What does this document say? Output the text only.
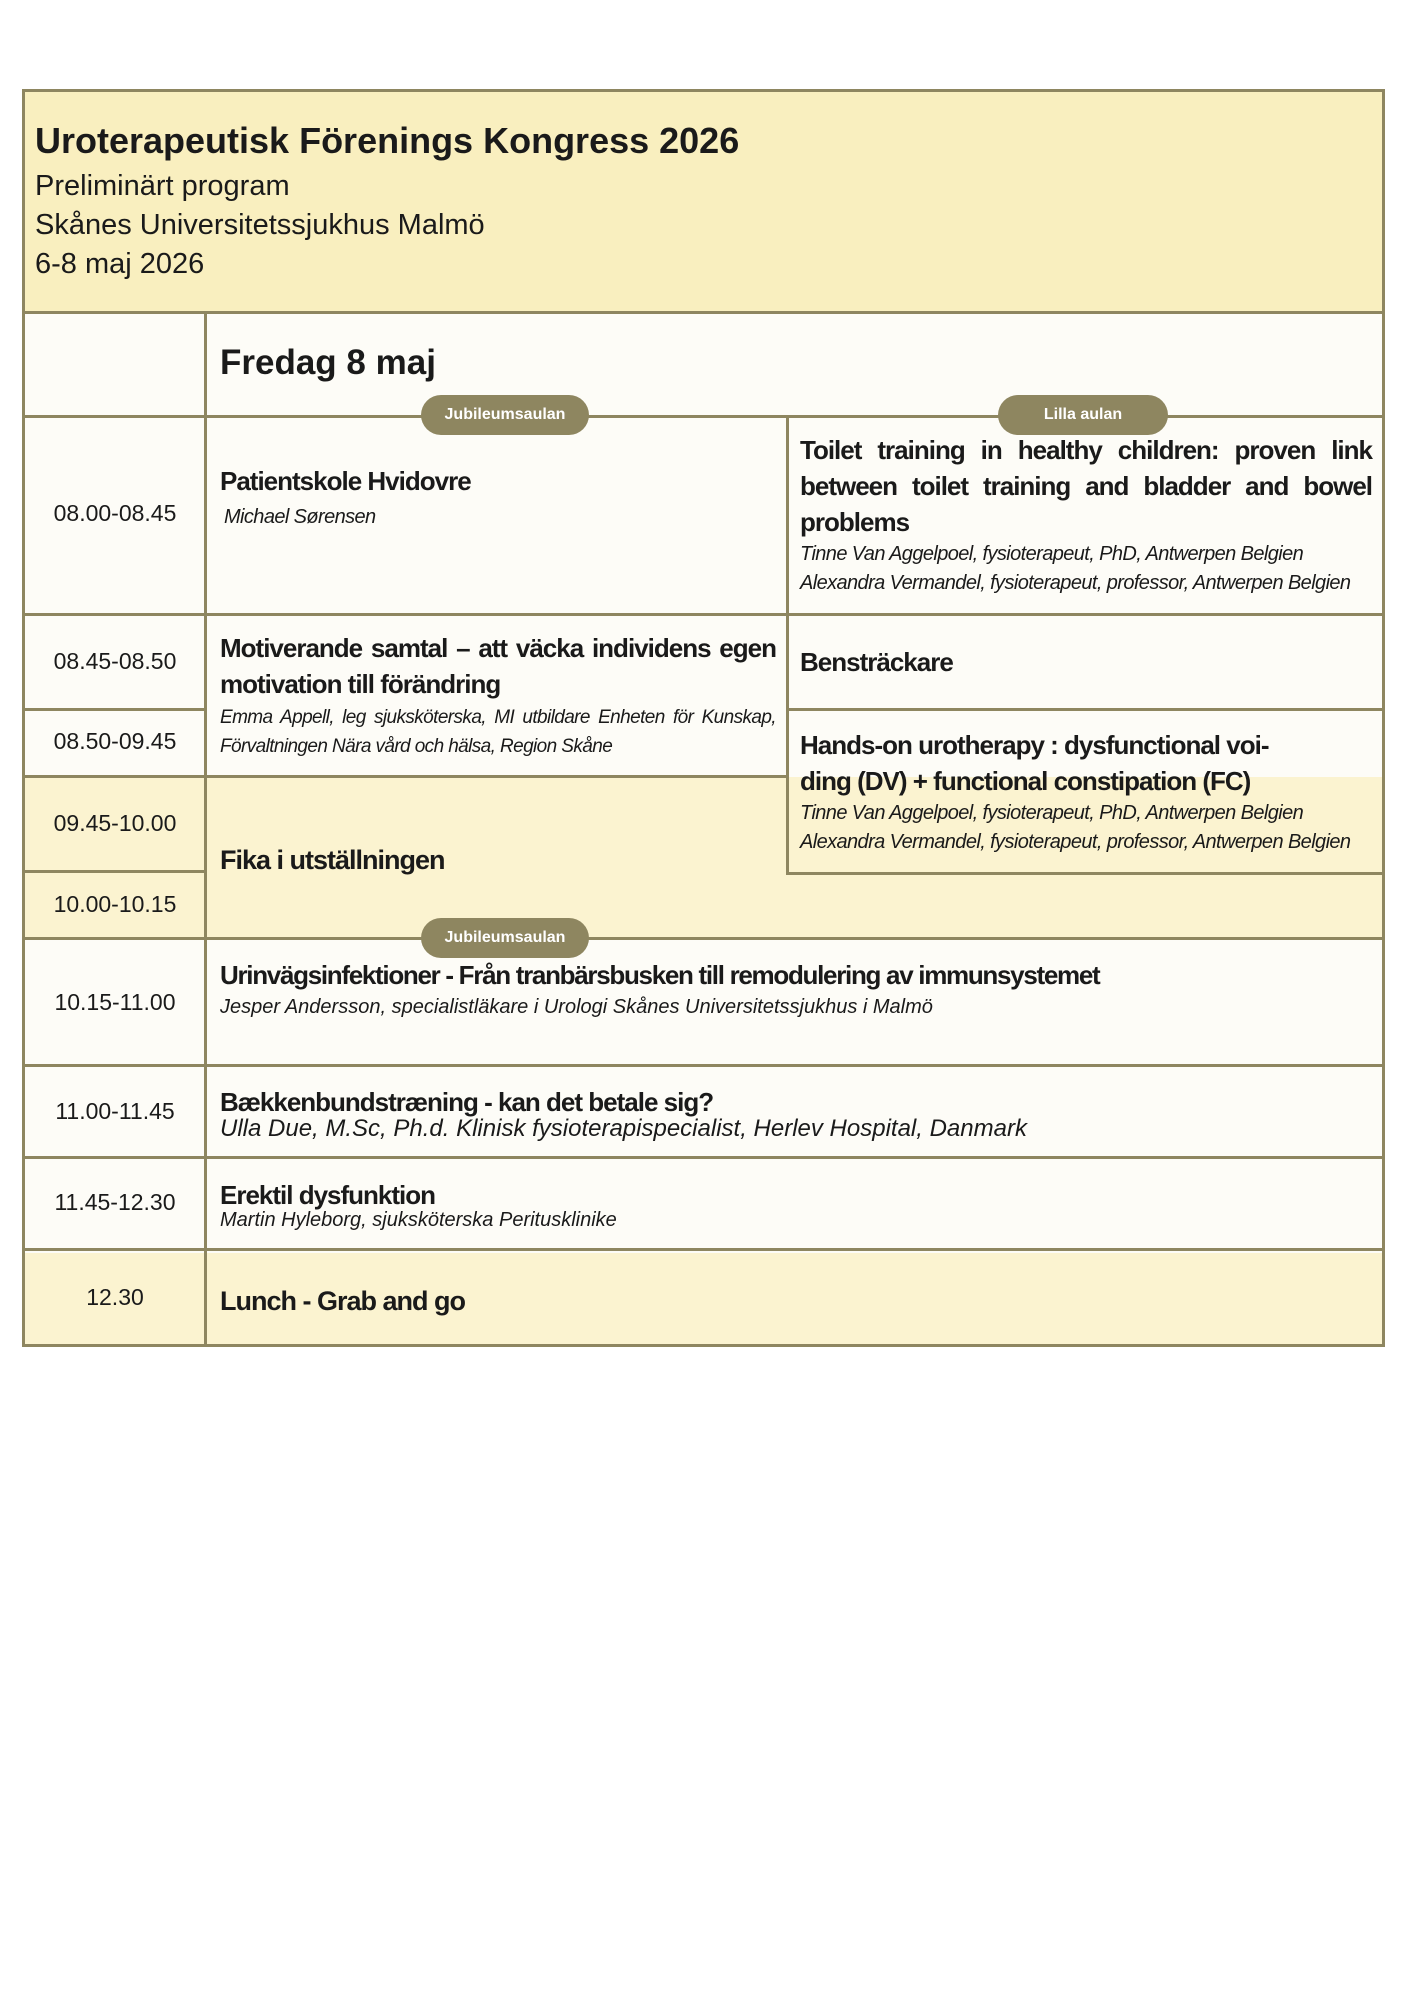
Uroterapeutisk Förenings Kongress 2026
Preliminärt program
Skånes Universitetssjukhus Malmö
6-8 maj 2026
Fredag 8 maj
Jubileumsaulan	Lilla aulan
Jubileumsaulan
08.00-08.45
08.45-08.50
08.50-09.45
09.45-10.00
10.00-10.15
10.15-11.00
11.00-11.45
11.45-12.30
12.30
Patientskole Hvidovre
Michael Sørensen
Toilet training in healthy children: proven link between toilet training and bladder and bowel problems
Tinne Van Aggelpoel, fysioterapeut, PhD, Antwerpen Belgien
Alexandra Vermandel, fysioterapeut, professor, Antwerpen Belgien
Motiverande samtal – att väcka individens egen motivation till förändring
Emma Appell, leg sjuksköterska, MI utbildare Enheten för Kunskap, Förvaltningen Nära vård och hälsa, Region Skåne
Bensträckare
Hands-on urotherapy : dysfunctional voi-
ding (DV) + functional constipation (FC)
Tinne Van Aggelpoel, fysioterapeut, PhD, Antwerpen Belgien
Alexandra Vermandel, fysioterapeut, professor, Antwerpen Belgien
Fika i utställningen
Urinvägsinfektioner - Från tranbärsbusken till remodulering av immunsystemet
Jesper Andersson, specialistläkare i Urologi Skånes Universitetssjukhus i Malmö
Bækkenbundstræning - kan det betale sig?
Ulla Due, M.Sc, Ph.d. Klinisk fysioterapispecialist, Herlev Hospital, Danmark
Erektil dysfunktion
Martin Hyleborg, sjuksköterska Peritusklinike
Lunch - Grab and go
